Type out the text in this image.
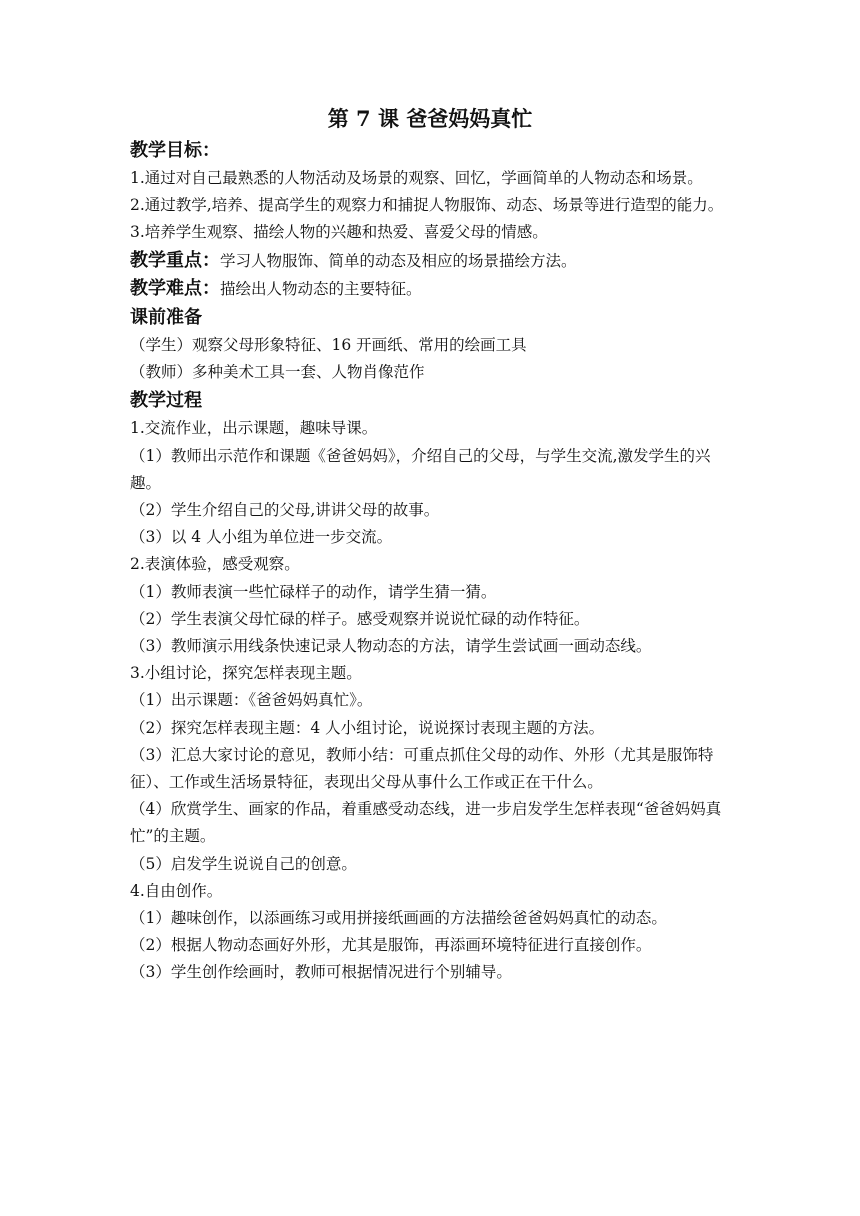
第 7 课 爸爸妈妈真忙

教学目标：

1.通过对自己最熟悉的人物活动及场景的观察、回忆，学画简单的人物动态和场景。

2.通过教学,培养、提高学生的观察力和捕捉人物服饰、动态、场景等进行造型的能力。

3.培养学生观察、描绘人物的兴趣和热爱、喜爱父母的情感。

教学重点：学习人物服饰、简单的动态及相应的场景描绘方法。

教学难点：描绘出人物动态的主要特征。

课前准备

（学生）观察父母形象特征、16 开画纸、常用的绘画工具

（教师）多种美术工具一套、人物肖像范作

教学过程

1.交流作业，出示课题，趣味导课。

（1）教师出示范作和课题《爸爸妈妈》，介绍自己的父母，与学生交流,激发学生的兴趣。

（2）学生介绍自己的父母,讲讲父母的故事。

（3）以 4 人小组为单位进一步交流。

2.表演体验，感受观察。

（1）教师表演一些忙碌样子的动作，请学生猜一猜。

（2）学生表演父母忙碌的样子。感受观察并说说忙碌的动作特征。

（3）教师演示用线条快速记录人物动态的方法，请学生尝试画一画动态线。

3.小组讨论，探究怎样表现主题。

（1）出示课题：《爸爸妈妈真忙》。

（2）探究怎样表现主题：4 人小组讨论，说说探讨表现主题的方法。

（3）汇总大家讨论的意见，教师小结：可重点抓住父母的动作、外形（尤其是服饰特征）、工作或生活场景特征，表现出父母从事什么工作或正在干什么。

（4）欣赏学生、画家的作品，着重感受动态线，进一步启发学生怎样表现“爸爸妈妈真忙”的主题。

（5）启发学生说说自己的创意。

4.自由创作。

（1）趣味创作，以添画练习或用拼接纸画画的方法描绘爸爸妈妈真忙的动态。

（2）根据人物动态画好外形，尤其是服饰，再添画环境特征进行直接创作。

（3）学生创作绘画时，教师可根据情况进行个别辅导。
